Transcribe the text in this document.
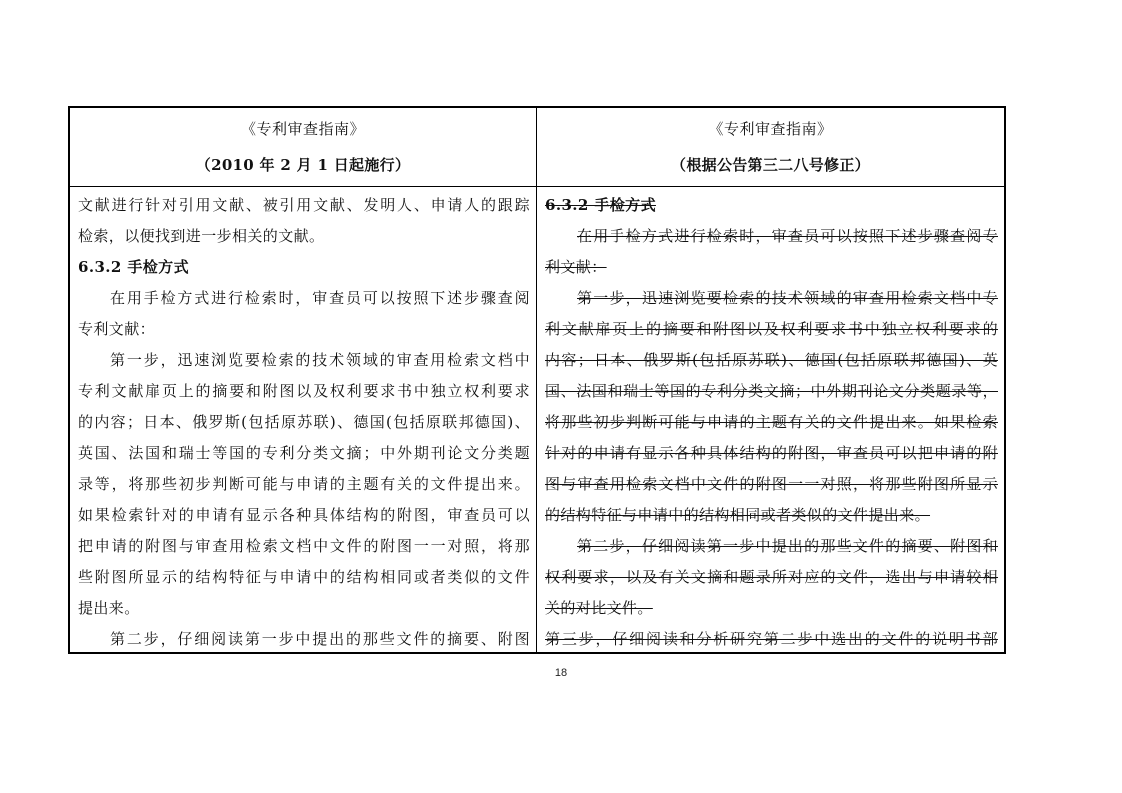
《专利审查指南》
（2010 年 2 月 1 日起施行）
《专利审查指南》
（根据公告第三二八号修正）
文献进行针对引用文献、被引用文献、发明人、申请人的跟踪
检索，以便找到进一步相关的文献。
6.3.2 手检方式
在用手检方式进行检索时，审查员可以按照下述步骤查阅
专利文献：
第一步，迅速浏览要检索的技术领域的审查用检索文档中
专利文献扉页上的摘要和附图以及权利要求书中独立权利要求
的内容；日本、俄罗斯(包括原苏联)、德国(包括原联邦德国)、
英国、法国和瑞士等国的专利分类文摘；中外期刊论文分类题
录等，将那些初步判断可能与申请的主题有关的文件提出来。
如果检索针对的申请有显示各种具体结构的附图，审查员可以
把申请的附图与审查用检索文档中文件的附图一一对照，将那
些附图所显示的结构特征与申请中的结构相同或者类似的文件
提出来。
第二步，仔细阅读第一步中提出的那些文件的摘要、附图
6.3.2 手检方式
在用手检方式进行检索时，审查员可以按照下述步骤查阅专
利文献：
第一步，迅速浏览要检索的技术领域的审查用检索文档中专
利文献扉页上的摘要和附图以及权利要求书中独立权利要求的
内容；日本、俄罗斯(包括原苏联)、德国(包括原联邦德国)、英
国、法国和瑞士等国的专利分类文摘；中外期刊论文分类题录等，
将那些初步判断可能与申请的主题有关的文件提出来。如果检索
针对的申请有显示各种具体结构的附图，审查员可以把申请的附
图与审查用检索文档中文件的附图一一对照，将那些附图所显示
的结构特征与申请中的结构相同或者类似的文件提出来。
第二步，仔细阅读第一步中提出的那些文件的摘要、附图和
权利要求，以及有关文摘和题录所对应的文件，选出与申请较相
关的对比文件。
第三步，仔细阅读和分析研究第二步中选出的文件的说明书部
18
